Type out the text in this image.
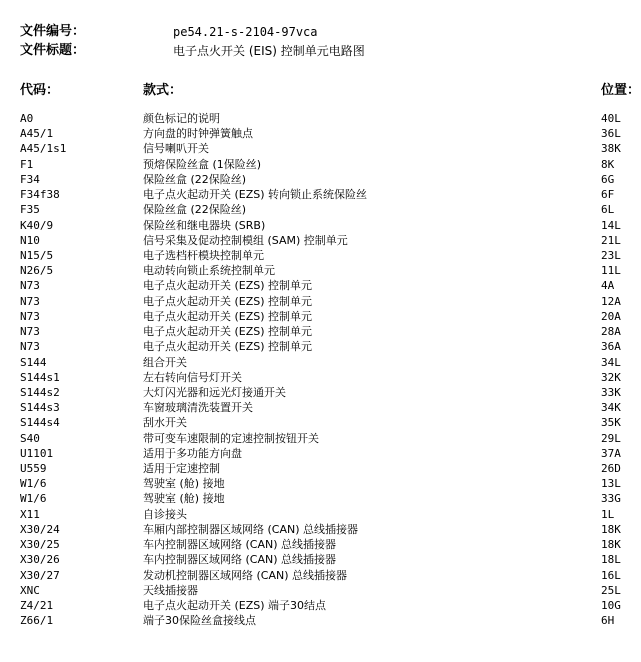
文件编号：	pe54.21-s-2104-97vca
文件标题：	电子点火开关 (EIS) 控制单元电路图
代码：	款式：	位置：
A0	颜色标记的说明	40L
A45/1	方向盘的时钟弹簧触点	36L
A45/1s1	信号喇叭开关	38K
F1	预熔保险丝盒 (1保险丝)	8K
F34	保险丝盒 (22保险丝)	6G
F34f38	电子点火起动开关 (EZS) 转向锁止系统保险丝	6F
F35	保险丝盒 (22保险丝)	6L
K40/9	保险丝和继电器块 (SRB)	14L
N10	信号采集及促动控制模组 (SAM) 控制单元	21L
N15/5	电子选档杆模块控制单元	23L
N26/5	电动转向锁止系统控制单元	11L
N73	电子点火起动开关 (EZS) 控制单元	4A
N73	电子点火起动开关 (EZS) 控制单元	12A
N73	电子点火起动开关 (EZS) 控制单元	20A
N73	电子点火起动开关 (EZS) 控制单元	28A
N73	电子点火起动开关 (EZS) 控制单元	36A
S144	组合开关	34L
S144s1	左右转向信号灯开关	32K
S144s2	大灯闪光器和远光灯接通开关	33K
S144s3	车窗玻璃清洗装置开关	34K
S144s4	刮水开关	35K
S40	带可变车速限制的定速控制按钮开关	29L
U1101	适用于多功能方向盘	37A
U559	适用于定速控制	26D
W1/6	驾驶室 (舱) 接地	13L
W1/6	驾驶室 (舱) 接地	33G
X11	自诊接头	1L
X30/24	车厢内部控制器区域网络 (CAN) 总线插接器	18K
X30/25	车内控制器区域网络 (CAN) 总线插接器	18K
X30/26	车内控制器区域网络 (CAN) 总线插接器	18L
X30/27	发动机控制器区域网络 (CAN) 总线插接器	16L
XNC	天线插接器	25L
Z4/21	电子点火起动开关 (EZS) 端子30结点	10G
Z66/1	端子30保险丝盒接线点	6H
